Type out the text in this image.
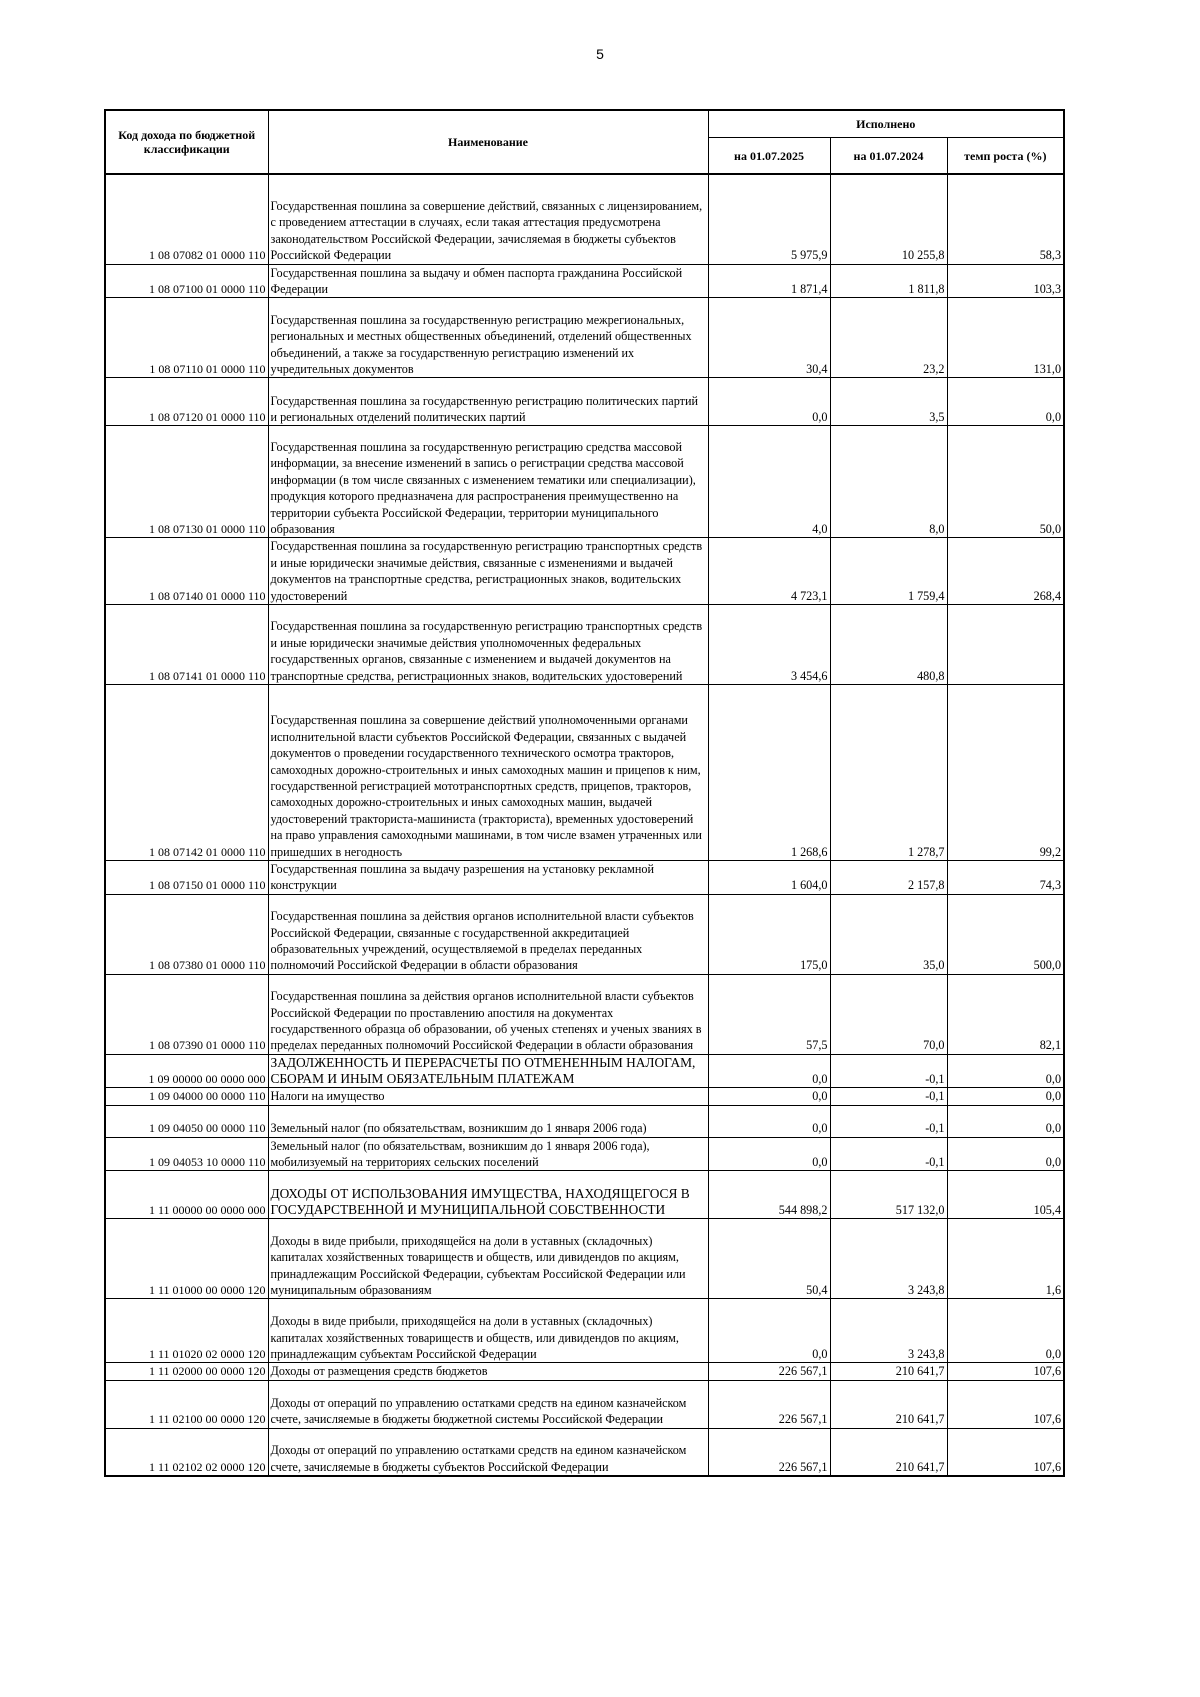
5
Код дохода по бюджетной классификации	Наименование	Исполнено		
		на 01.07.2025	на 01.07.2024	темп роста (%)
1 08 07082 01 0000 110	Государственная пошлина за совершение действий, связанных с лицензированием, с проведением аттестации в случаях, если такая аттестация предусмотрена законодательством Российской Федерации, зачисляемая в бюджеты субъектов Российской Федерации	5 975,9	10 255,8	58,3
1 08 07100 01 0000 110	Государственная пошлина за выдачу и обмен паспорта гражданина Российской Федерации	1 871,4	1 811,8	103,3
1 08 07110 01 0000 110	Государственная пошлина за государственную регистрацию межрегиональных, региональных и местных общественных объединений, отделений общественных объединений, а также за государственную регистрацию изменений их учредительных документов	30,4	23,2	131,0
1 08 07120 01 0000 110	Государственная пошлина за государственную регистрацию политических партий и региональных отделений политических партий	0,0	3,5	0,0
1 08 07130 01 0000 110	Государственная пошлина за государственную регистрацию средства массовой информации, за внесение изменений в запись о регистрации средства массовой информации (в том числе связанных с изменением тематики или специализации), продукция которого предназначена для распространения преимущественно на территории субъекта Российской Федерации, территории муниципального образования	4,0	8,0	50,0
1 08 07140 01 0000 110	Государственная пошлина за государственную регистрацию транспортных средств и иные юридически значимые действия, связанные с изменениями и выдачей документов на транспортные средства, регистрационных знаков, водительских удостоверений	4 723,1	1 759,4	268,4
1 08 07141 01 0000 110	Государственная пошлина за государственную регистрацию транспортных средств и иные юридически значимые действия уполномоченных федеральных государственных органов, связанные с изменением и выдачей документов на транспортные средства, регистрационных знаков, водительских удостоверений	3 454,6	480,8	
1 08 07142 01 0000 110	Государственная пошлина за совершение действий уполномоченными органами исполнительной власти субъектов Российской Федерации, связанных с выдачей документов о проведении государственного технического осмотра тракторов, самоходных дорожно-строительных и иных самоходных машин и прицепов к ним, государственной регистрацией мототранспортных средств, прицепов, тракторов, самоходных дорожно-строительных и иных самоходных машин, выдачей удостоверений тракториста-машиниста (тракториста), временных удостоверений на право управления самоходными машинами, в том числе взамен утраченных или пришедших в негодность	1 268,6	1 278,7	99,2
1 08 07150 01 0000 110	Государственная пошлина за выдачу разрешения на установку рекламной конструкции	1 604,0	2 157,8	74,3
1 08 07380 01 0000 110	Государственная пошлина за действия органов исполнительной власти субъектов Российской Федерации, связанные с государственной аккредитацией образовательных учреждений, осуществляемой в пределах переданных полномочий Российской Федерации в области образования	175,0	35,0	500,0
1 08 07390 01 0000 110	Государственная пошлина за действия органов исполнительной власти субъектов Российской Федерации по проставлению апостиля на документах государственного образца об образовании, об ученых степенях и ученых званиях в пределах переданных полномочий Российской Федерации в области образования	57,5	70,0	82,1
1 09 00000 00 0000 000	ЗАДОЛЖЕННОСТЬ И ПЕРЕРАСЧЕТЫ ПО ОТМЕНЕННЫМ НАЛОГАМ, СБОРАМ И ИНЫМ ОБЯЗАТЕЛЬНЫМ ПЛАТЕЖАМ	0,0	-0,1	0,0
1 09 04000 00 0000 110	Налоги на имущество	0,0	-0,1	0,0
1 09 04050 00 0000 110	Земельный налог (по обязательствам, возникшим до 1 января 2006 года)	0,0	-0,1	0,0
1 09 04053 10 0000 110	Земельный налог (по обязательствам, возникшим до 1 января 2006 года), мобилизуемый на территориях сельских поселений	0,0	-0,1	0,0
1 11 00000 00 0000 000	ДОХОДЫ ОТ ИСПОЛЬЗОВАНИЯ ИМУЩЕСТВА, НАХОДЯЩЕГОСЯ В ГОСУДАРСТВЕННОЙ И МУНИЦИПАЛЬНОЙ СОБСТВЕННОСТИ	544 898,2	517 132,0	105,4
1 11 01000 00 0000 120	Доходы в виде прибыли, приходящейся на доли в уставных (складочных) капиталах хозяйственных товариществ и обществ, или дивидендов по акциям, принадлежащим Российской Федерации, субъектам Российской Федерации или муниципальным образованиям	50,4	3 243,8	1,6
1 11 01020 02 0000 120	Доходы в виде прибыли, приходящейся на доли в уставных (складочных) капиталах хозяйственных товариществ и обществ, или дивидендов по акциям, принадлежащим субъектам Российской Федерации	0,0	3 243,8	0,0
1 11 02000 00 0000 120	Доходы от размещения средств бюджетов	226 567,1	210 641,7	107,6
1 11 02100 00 0000 120	Доходы от операций по управлению остатками средств на едином казначейском счете, зачисляемые в бюджеты бюджетной системы Российской Федерации	226 567,1	210 641,7	107,6
1 11 02102 02 0000 120	Доходы от операций по управлению остатками средств на едином казначейском счете, зачисляемые в бюджеты субъектов Российской Федерации	226 567,1	210 641,7	107,6
